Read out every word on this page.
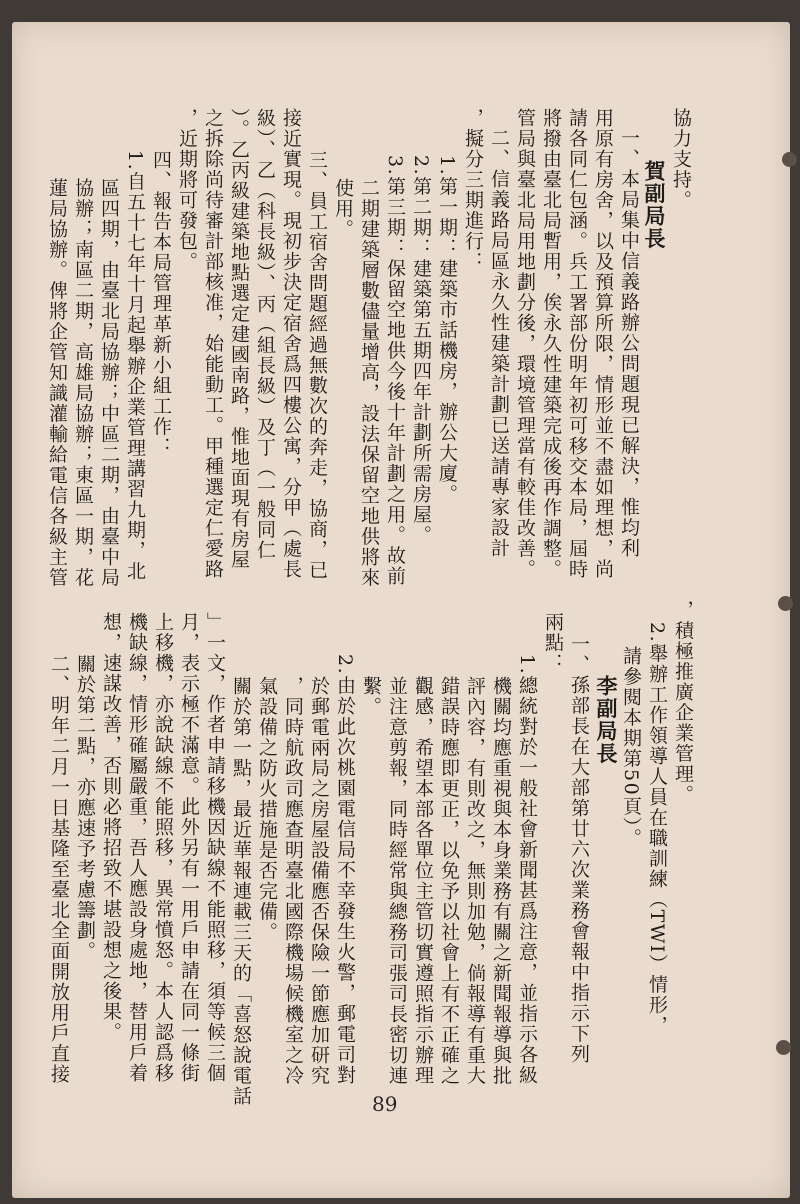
協力支持。
賀副局長
一、本局集中信義路辦公問題現已解決，惟均利
用原有房舍，以及預算所限，情形並不盡如理想，尚
請各同仁包涵。兵工署部份明年初可移交本局，屆時
將撥由臺北局暫用，俟永久性建築完成後再作調整。
管局與臺北局用地劃分後，環境管理當有較佳改善。
二、信義路局區永久性建築計劃已送請專家設計
，擬分三期進行：
1.第一期：建築市話機房，辦公大廈。
2.第二期：建築第五期四年計劃所需房屋。
3.第三期：保留空地供今後十年計劃之用。故前
二期建築層數儘量增高，設法保留空地供將來
使用。
三、員工宿舍問題經過無數次的奔走，協商，已
接近實現。現初步決定宿舍爲四樓公寓，分甲（處長
級）、乙（科長級）、丙（組長級）及丁（一般同仁
）。乙丙級建築地點選定建國南路，惟地面現有房屋
之拆除尚待審計部核准，始能動工。甲種選定仁愛路
，近期將可發包。
四、報告本局管理革新小組工作：
1.自五十七年十月起舉辦企業管理講習九期，北
區四期，由臺北局協辦；中區二期，由臺中局
協辦；南區二期，高雄局協辦；東區一期，花
蓮局協辦。俾將企管知識灌輸給電信各級主管
，積極推廣企業管理。
2.舉辦工作領導人員在職訓練（TWI）情形，
請參閱本期第50頁）。
李副局長
一、孫部長在大部第廿六次業務會報中指示下列
兩點：
1.總統對於一般社會新聞甚爲注意，並指示各級
機關均應重視與本身業務有關之新聞報導與批
評內容，有則改之，無則加勉，倘報導有重大
錯誤時應即更正，以免予以社會上有不正確之
觀感，希望本部各單位主管切實遵照指示辦理
並注意剪報，同時經常與總務司張司長密切連
繫。
2.由於此次桃園電信局不幸發生火警，郵電司對
於郵電兩局之房屋設備應否保險一節應加研究
，同時航政司應查明臺北國際機場候機室之冷
氣設備之防火措施是否完備。
關於第一點，最近華報連載三天的「喜怒說電話
」一文，作者申請移機因缺線不能照移，須等候三個
月，表示極不滿意。此外另有一用戶申請在同一條街
上移機，亦說缺線不能照移，異常憤怒。本人認爲移
機缺線，情形確屬嚴重，吾人應設身處地，替用戶着
想，速謀改善，否則必將招致不堪設想之後果。
關於第二點，亦應速予考慮籌劃。
二、明年二月一日基隆至臺北全面開放用戶直接
89
